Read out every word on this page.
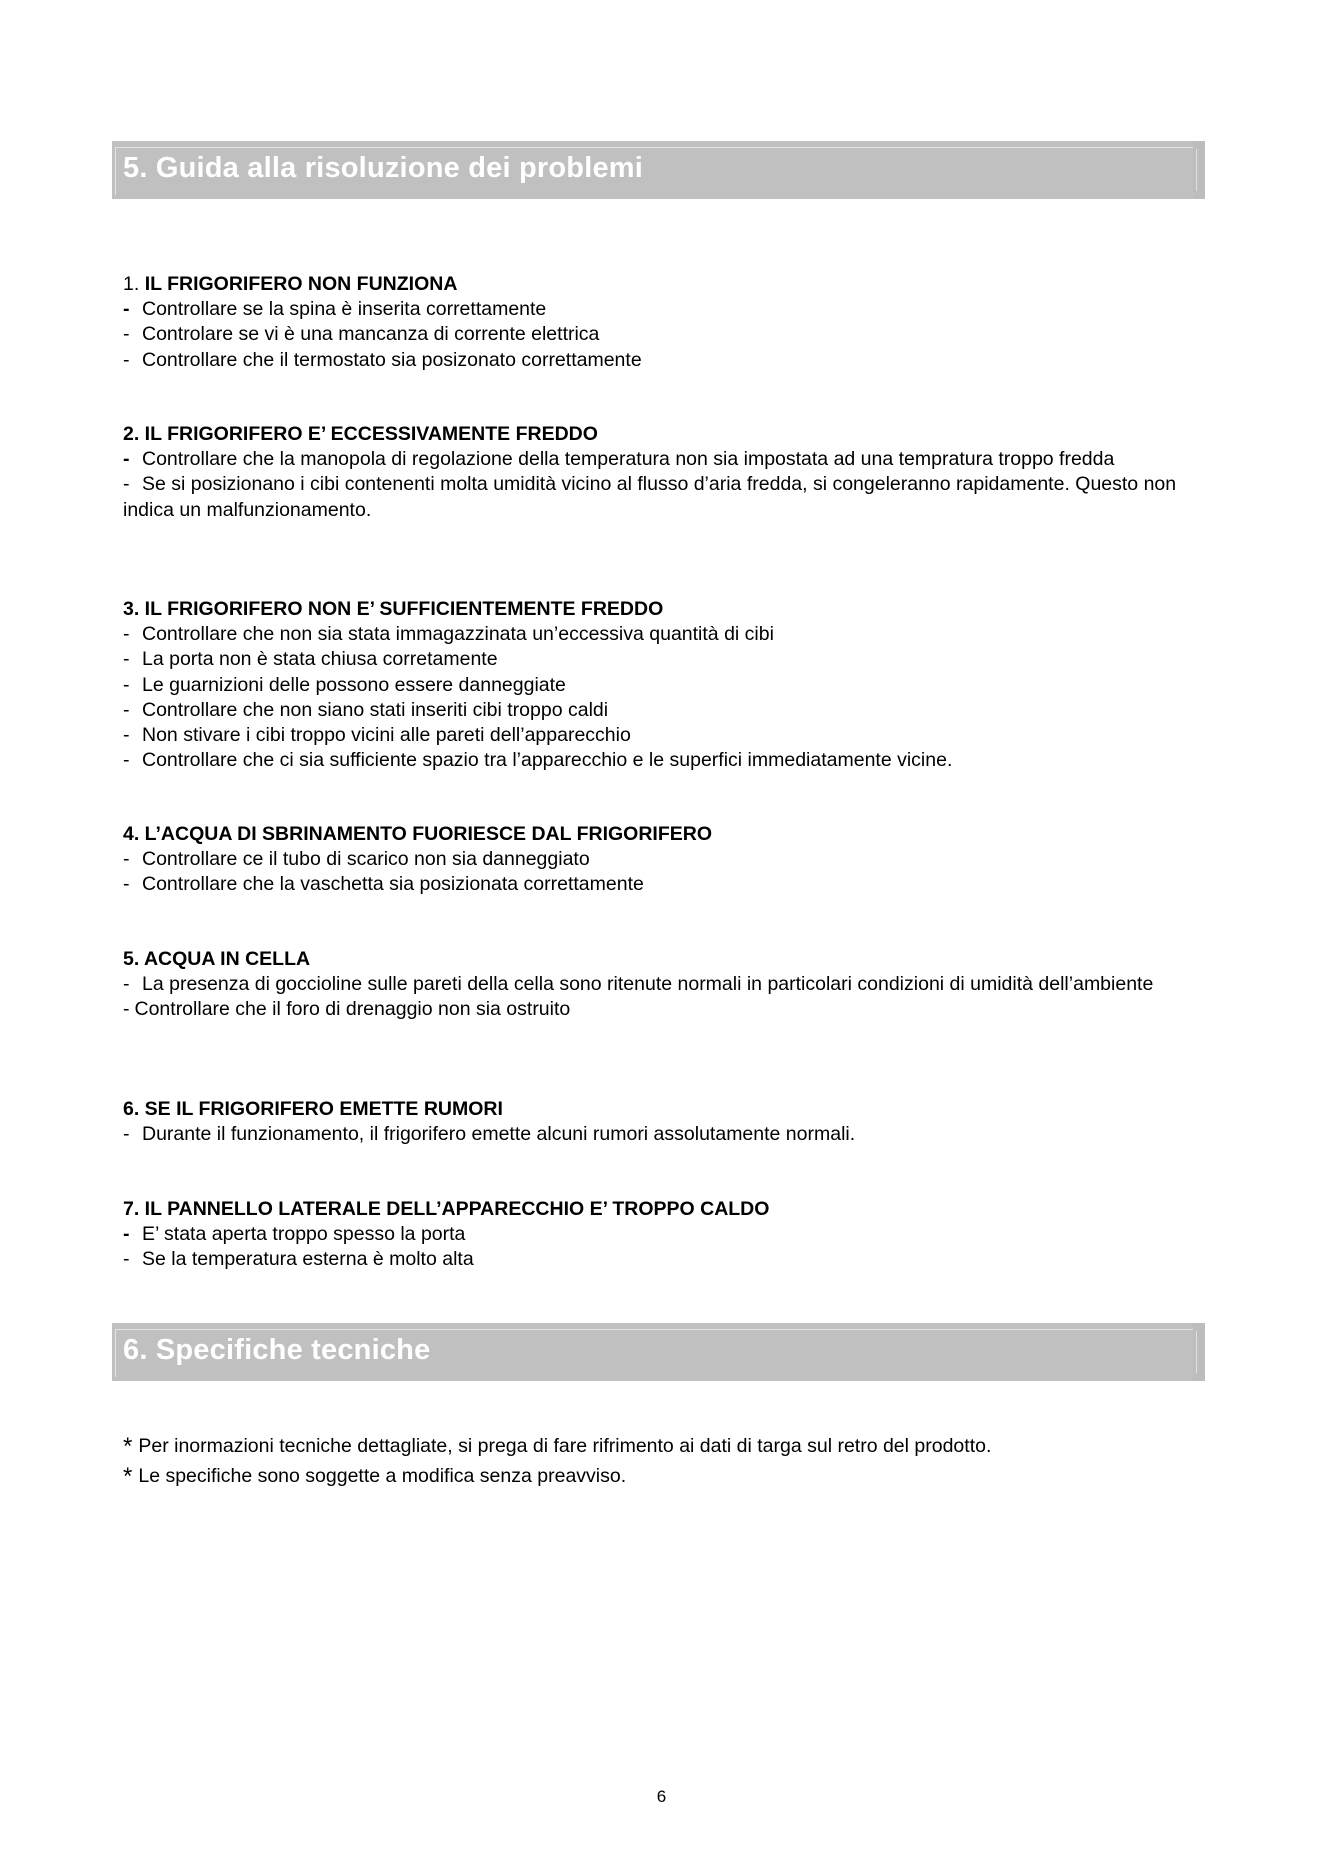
5. Guida alla risoluzione dei problemi
1. IL FRIGORIFERO NON FUNZIONA
- Controllare se la spina è inserita correttamente
- Controlare se vi è una mancanza di corrente elettrica
- Controllare che il termostato sia posizonato correttamente
2. IL FRIGORIFERO E’ ECCESSIVAMENTE FREDDO
- Controllare che la manopola di regolazione della temperatura non sia impostata ad una tempratura troppo fredda
- Se si posizionano i cibi contenenti molta umidità vicino al flusso d’aria fredda, si congeleranno rapidamente. Questo non indica un malfunzionamento.
3. IL FRIGORIFERO NON E’ SUFFICIENTEMENTE FREDDO
- Controllare che non sia stata immagazzinata un’eccessiva quantità di cibi
- La porta non è stata chiusa corretamente
- Le guarnizioni delle possono essere danneggiate
- Controllare che non siano stati inseriti cibi troppo caldi
- Non stivare i cibi troppo vicini alle pareti dell’apparecchio
- Controllare che ci sia sufficiente spazio tra l’apparecchio e le superfici immediatamente vicine.
4. L’ACQUA DI SBRINAMENTO FUORIESCE DAL FRIGORIFERO
- Controllare ce il tubo di scarico non sia danneggiato
- Controllare che la vaschetta sia posizionata correttamente
5. ACQUA IN CELLA
- La presenza di goccioline sulle pareti della cella sono ritenute normali in particolari condizioni di umidità dell’ambiente
- Controllare che il foro di drenaggio non sia ostruito
6. SE IL FRIGORIFERO EMETTE RUMORI
- Durante il funzionamento, il frigorifero emette alcuni rumori assolutamente normali.
7. IL PANNELLO LATERALE DELL’APPARECCHIO E’ TROPPO CALDO
- E’ stata aperta troppo spesso la porta
- Se la temperatura esterna è molto alta
6. Specifiche tecniche
* Per inormazioni tecniche dettagliate, si prega di fare rifrimento ai dati di targa sul retro del prodotto.
* Le specifiche sono soggette a modifica senza preavviso.
6
